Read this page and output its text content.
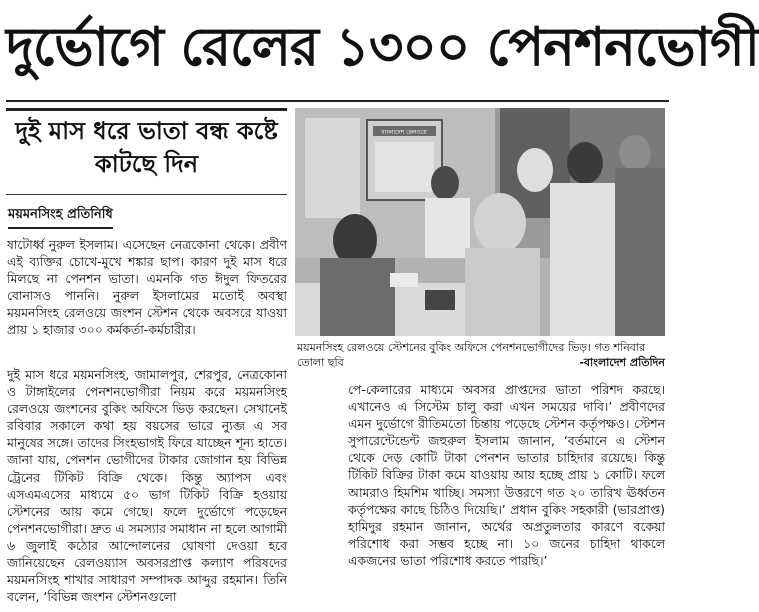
দুর্ভোগে রেলের ১৩০০ পেনশনভোগী
দুই মাস ধরে ভাতা বন্ধ কষ্টে কাটছে দিন
ময়মনসিংহ প্রতিনিধি

ষাটোর্ধ্ব নুরুল ইসলাম। এসেছেন নেত্রকোনা থেকে। প্রবীণ এই ব্যক্তির চোখে-মুখে শঙ্কার ছাপ। কারণ দুই মাস ধরে মিলছে না পেনশন ভাতা। এমনকি গত ঈদুল ফিতরের বোনাসও পাননি। নুরুল ইসলামের মতোই অবস্থা ময়মনসিংহ রেলওয়ে জংশন স্টেশন থেকে অবসরে যাওয়া প্রায় ১ হাজার ৩০০ কর্মকর্তা-কর্মচারীর।

দুই মাস ধরে ময়মনসিংহ, জামালপুর, শেরপুর, নেত্রকোনা ও টাঙ্গাইলের পেনশনভোগীরা নিয়ম করে ময়মনসিংহ রেলওয়ে জংশনের বুকিং অফিসে ভিড় করছেন। সেখানেই রবিবার সকালে কথা হয় বয়সের ভারে ন্যুব্জ এ সব মানুষের সঙ্গে। তাদের সিংহভাগই ফিরে যাচ্ছেন শূন্য হাতে। জানা যায়, পেনশন ভোগীদের টাকার জোগান হয় বিভিন্ন ট্রেনের টিকিট বিক্রি থেকে। কিন্তু অ্যাপস এবং এসএমএসের মাধ্যমে ৫০ ভাগ টিকিট বিক্রি হওয়ায় স্টেশনের আয় কমে গেছে। ফলে দুর্ভোগে পড়েছেন পেনশনভোগীরা। দ্রুত এ সমস্যার সমাধান না হলে আগামী ৬ জুলাই কঠোর আন্দোলনের ঘোষণা দেওয়া হবে জানিয়েছেন রেলওয়্যাস অবসরপ্রাপ্ত কল্যাণ পরিষদের ময়মনসিংহ শাখার সাধারণ সম্পাদক আব্দুর রহমান। তিনি বলেন, ‘বিভিন্ন জংশন স্টেশনগুলো

বাংলাদেশ রেলওয়ে
ময়মনসিংহ রেলওয়ে স্টেশনের বুকিং অফিসে পেনশনভোগীদের ভিড়। গত শনিবার তোলা ছবি	-বাংলাদেশ প্রতিদিন

পে-কেলারের মাধ্যমে অবসর প্রাপ্তদের ভাতা পরিশদ করছে। এখানেও এ সিস্টেম চালু করা এখন সময়ের দাবি।’ প্রবীণদের এমন দুর্ভোগে রীতিমতো চিন্তায় পড়েছে স্টেশন কর্তৃপক্ষও। স্টেশন সুপারেন্টেন্ডেন্ট জহুরুল ইসলাম জানান, ‘বর্তমানে এ স্টেশন থেকে দেড় কোটি টাকা পেনশন ভাতার চাহিদার রয়েছে। কিন্তু টিকিট বিক্রির টাকা কমে যাওয়ায় আয় হচ্ছে প্রায় ১ কোটি। ফলে আমরাও হিমশিম খাচ্ছি। সমস্যা উত্তরণে গত ২০ তারিখ ঊর্ধ্বতন কর্তৃপক্ষের কাছে চিঠিও দিয়েছি।’ প্রধান বুকিং সহকারী (ভারপ্রাপ্ত) হামিদুর রহমান জানান, অর্থের অপ্রতুলতার কারণে বকেয়া পরিশোধ করা সম্ভব হচ্ছে না। ১০ জনের চাহিদা থাকলে একজনের ভাতা পরিশোধ করতে পারছি।’
